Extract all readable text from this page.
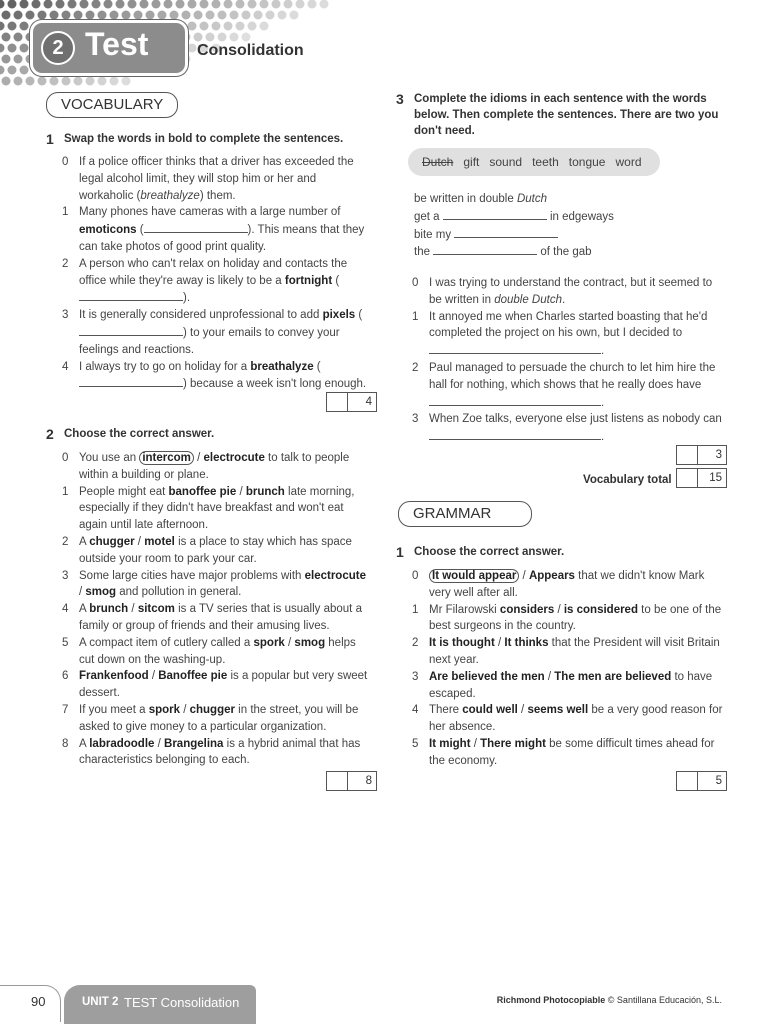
2 Test	Consolidation
VOCABULARY
1 Swap the words in bold to complete the sentences.
0 If a police officer thinks that a driver has exceeded the legal alcohol limit, they will stop him or her and workaholic (breathalyze) them.
1 Many phones have cameras with a large number of emoticons (	). This means that they can take photos of good print quality.
2 A person who can't relax on holiday and contacts the office while they're away is likely to be a fortnight ().
3 It is generally considered unprofessional to add pixels () to your emails to convey your feelings and reactions.
4 I always try to go on holiday for a breathalyze () because a week isn't long enough.
4
2 Choose the correct answer.
0 You use an intercom / electrocute to talk to people within a building or plane.
1 People might eat banoffee pie / brunch late morning, especially if they didn't have breakfast and won't eat again until late afternoon.
2 A chugger / motel is a place to stay which has space outside your room to park your car.
3 Some large cities have major problems with electrocute / smog and pollution in general.
4 A brunch / sitcom is a TV series that is usually about a family or group of friends and their amusing lives.
5 A compact item of cutlery called a spork / smog helps cut down on the washing-up.
6 Frankenfood / Banoffee pie is a popular but very sweet dessert.
7 If you meet a spork / chugger in the street, you will be asked to give money to a particular organization.
8 A labradoodle / Brangelina is a hybrid animal that has characteristics belonging to each.
8
3 Complete the idioms in each sentence with the words below. Then complete the sentences. There are two you don't need.
Dutch gift sound teeth tongue word
be written in double Dutch
get a	in edgeways
bite my
the	of the gab
0 I was trying to understand the contract, but it seemed to be written in double Dutch.
1 It annoyed me when Charles started boasting that he'd completed the project on his own, but I decided to
.
2 Paul managed to persuade the church to let him hire the hall for nothing, which shows that he really does have
.
3 When Zoe talks, everyone else just listens as nobody can
.
3
Vocabulary total	15
GRAMMAR
1 Choose the correct answer.
0 It would appear / Appears that we didn't know Mark very well after all.
1 Mr Filarowski considers / is considered to be one of the best surgeons in the country.
2 It is thought / It thinks that the President will visit Britain next year.
3 Are believed the men / The men are believed to have escaped.
4 There could well / seems well be a very good reason for her absence.
5 It might / There might be some difficult times ahead for the economy.
5
90	UNIT 2 TEST Consolidation	Richmond Photocopiable © Santillana Educación, S.L.
